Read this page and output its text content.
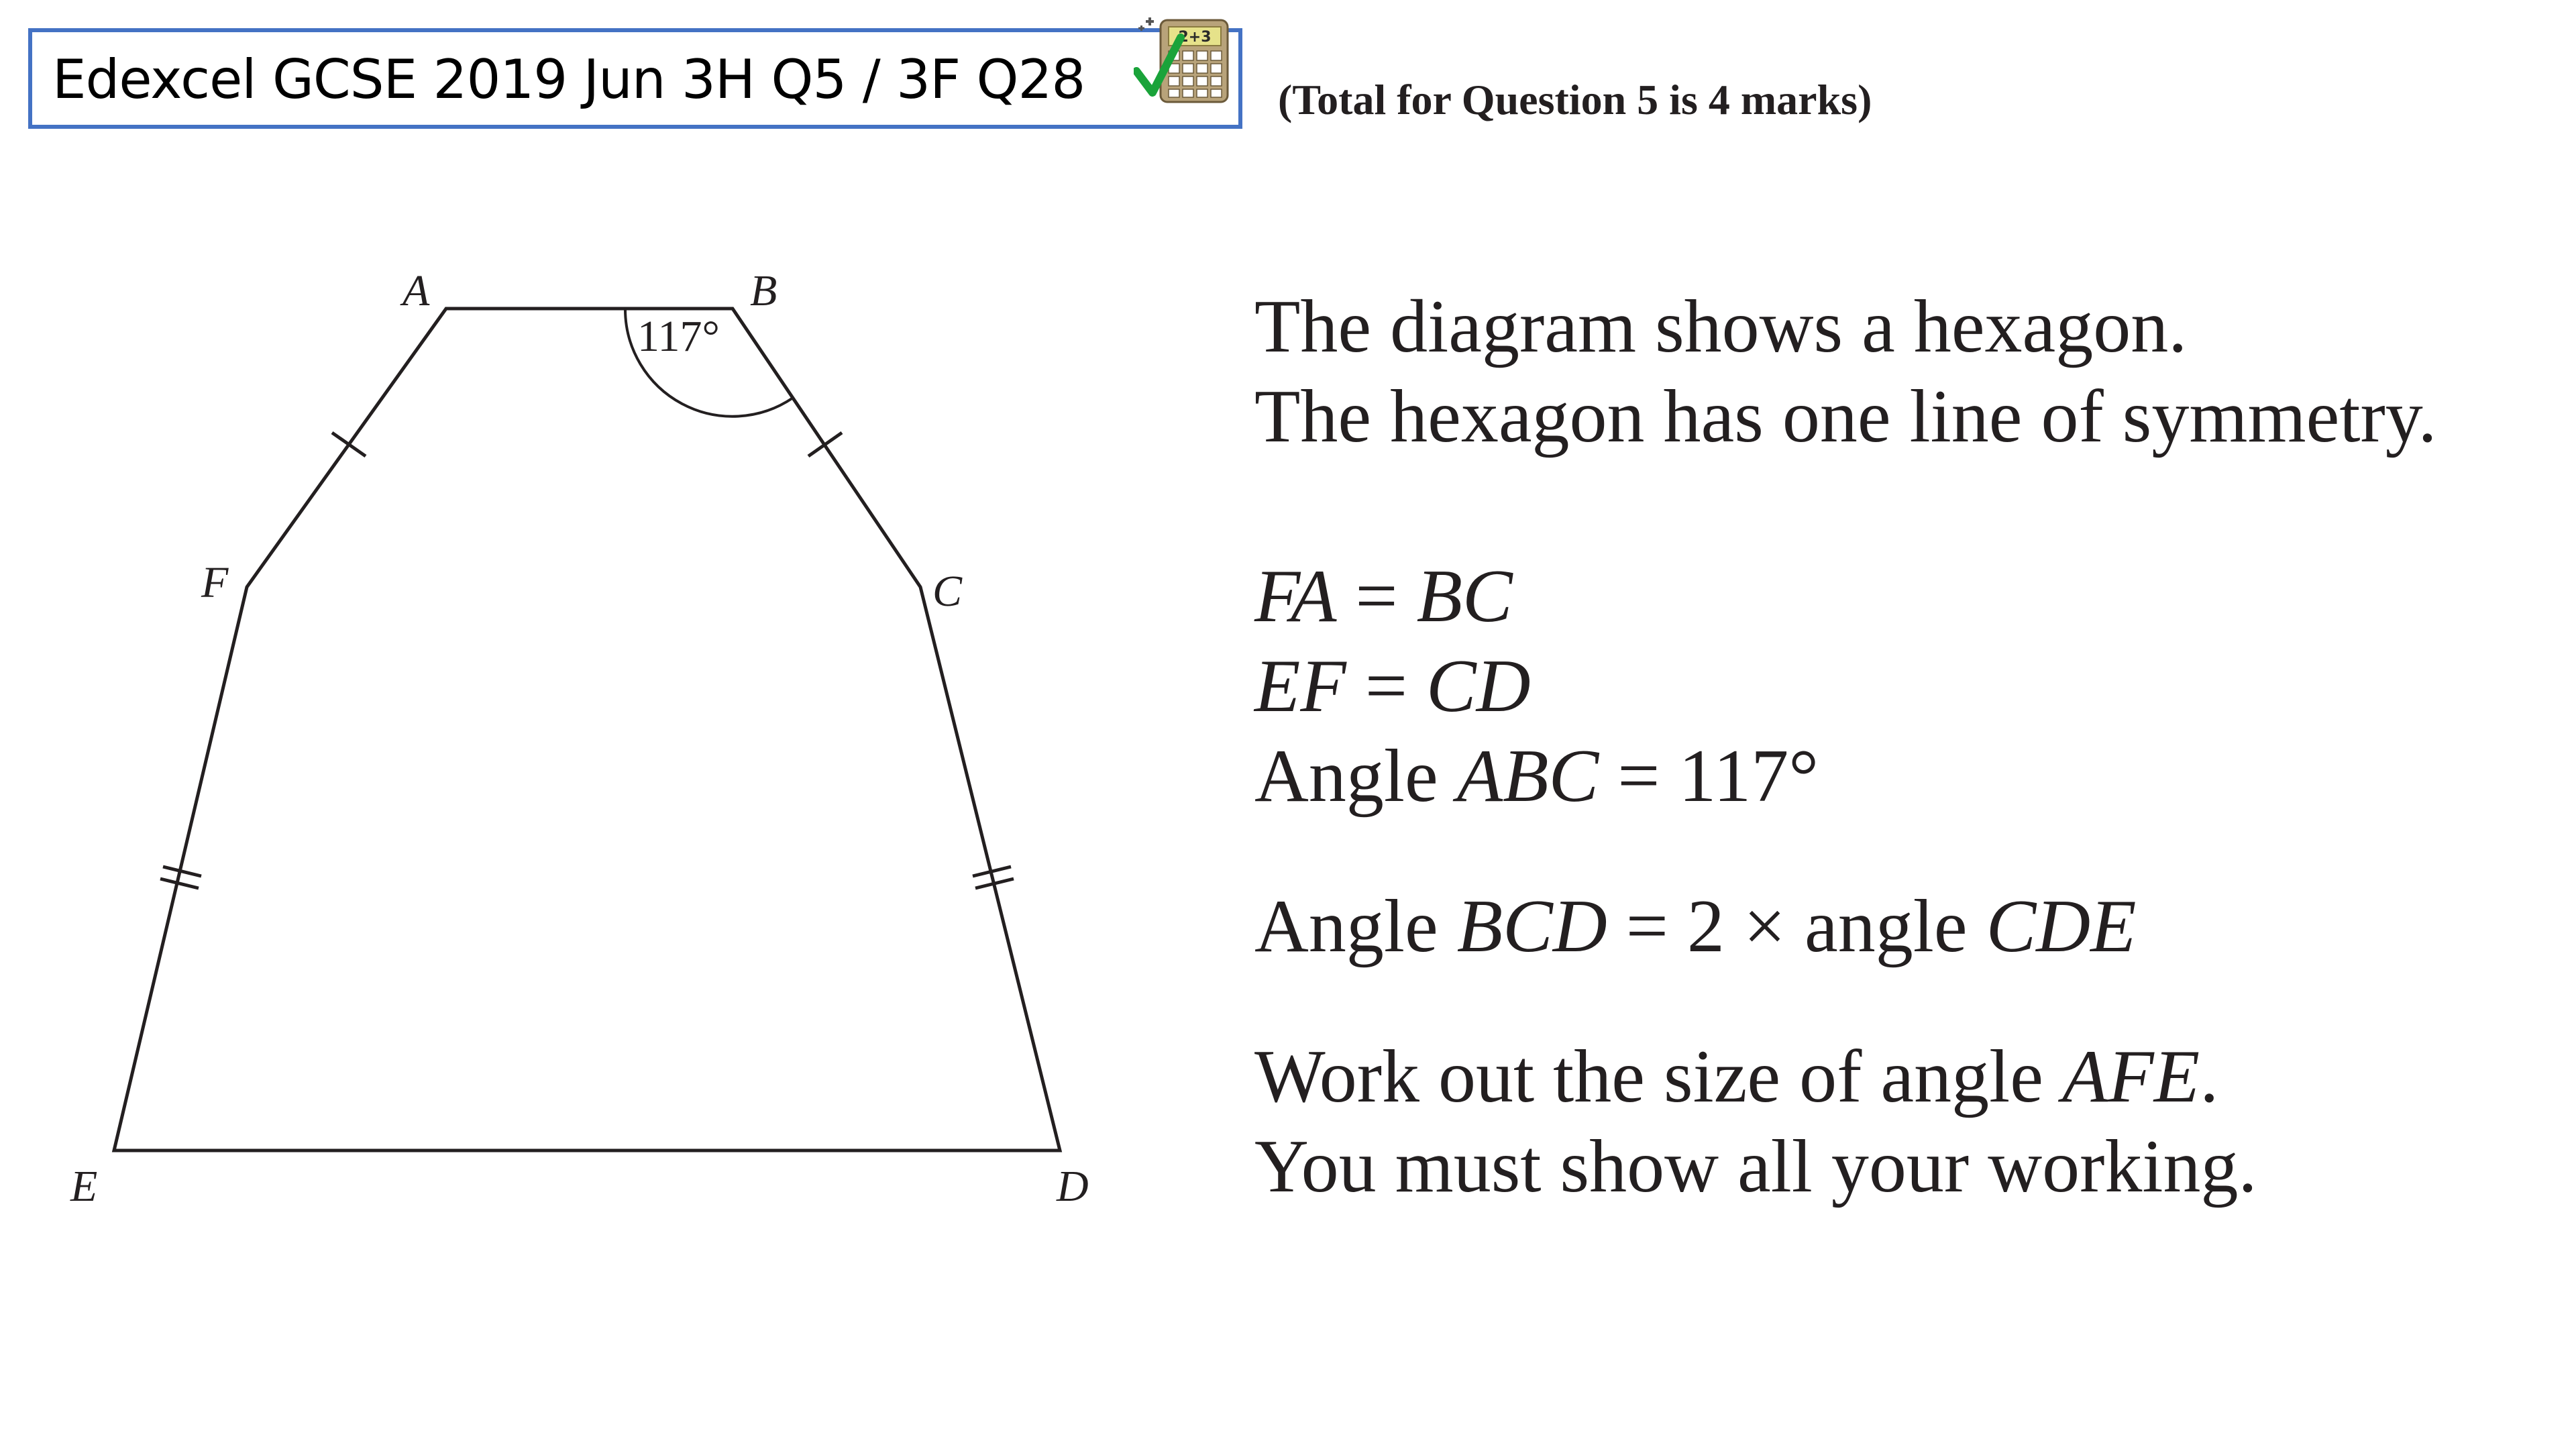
Edexcel GCSE 2019 Jun 3H Q5 / 3F Q28
2+3
(Total for Question 5 is 4 marks)
A	B
C
D
E
F
117°	The diagram shows a hexagon.
The hexagon has one line of symmetry.
FA = BC
EF = CD
Angle ABC = 117°
Angle BCD = 2 × angle CDE
Work out the size of angle AFE.
You must show all your working.
